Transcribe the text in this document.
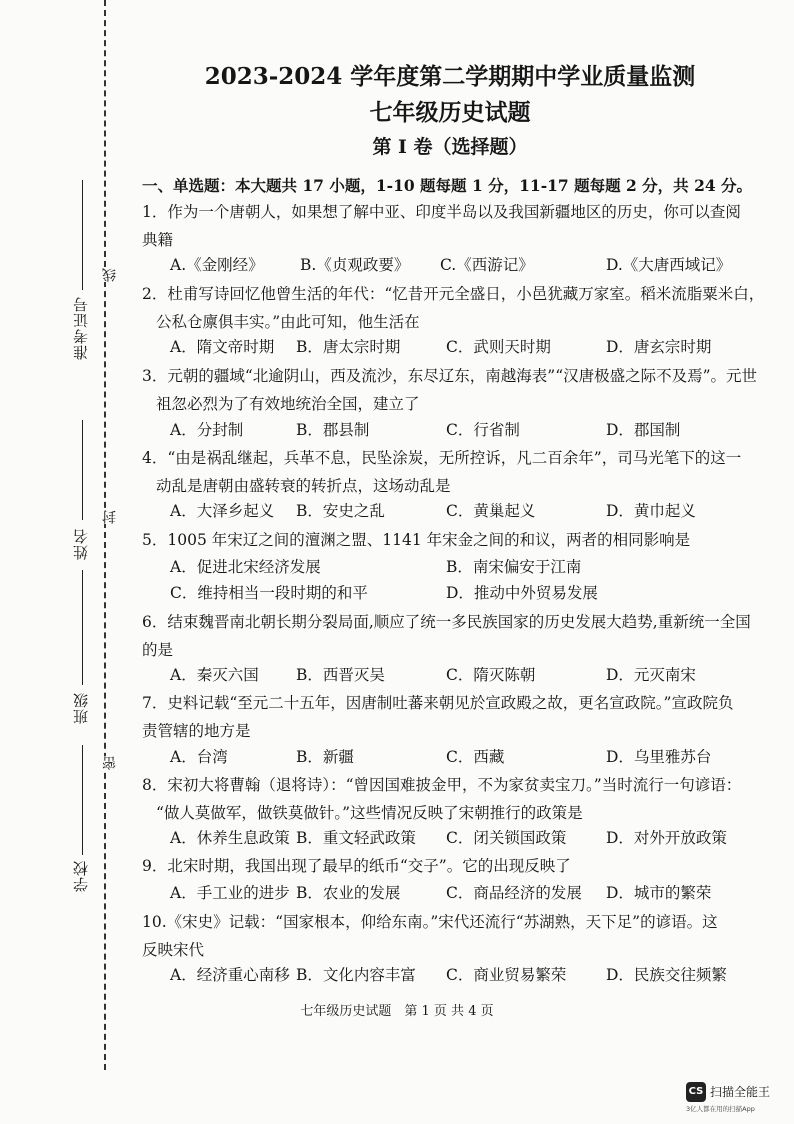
准考证号
姓名
班级
学校
线
封
密
2023-2024 学年度第二学期期中学业质量监测
七年级历史试题
第 I 卷（选择题）
一、单选题：本大题共 17 小题，1-10 题每题 1 分，11-17 题每题 2 分，共 24 分。
1．作为一个唐朝人，如果想了解中亚、印度半岛以及我国新疆地区的历史，你可以查阅
典籍
A.《金刚经》 B.《贞观政要》 C.《西游记》	D.《大唐西域记》
2．杜甫写诗回忆他曾生活的年代：“忆昔开元全盛日，小邑犹藏万家室。稻米流脂粟米白，
公私仓廪俱丰实。”由此可知，他生活在
A．隋文帝时期 B．唐太宗时期	C．武则天时期	D．唐玄宗时期
3．元朝的疆域“北逾阴山，西及流沙，东尽辽东，南越海表”“汉唐极盛之际不及焉”。元世
祖忽必烈为了有效地统治全国，建立了
A．分封制	B．郡县制	C．行省制	D．郡国制
4．“由是祸乱继起，兵革不息，民坠涂炭，无所控诉，凡二百余年”，司马光笔下的这一
动乱是唐朝由盛转衰的转折点，这场动乱是
A．大泽乡起义 B．安史之乱	C．黄巢起义	D．黄巾起义
5．1005 年宋辽之间的澶渊之盟、1141 年宋金之间的和议，两者的相同影响是
A．促进北宋经济发展	B．南宋偏安于江南
C．维持相当一段时期的和平	D．推动中外贸易发展
6．结束魏晋南北朝长期分裂局面,顺应了统一多民族国家的历史发展大趋势,重新统一全国
的是
A．秦灭六国 B．西晋灭吴	C．隋灭陈朝	D．元灭南宋
7．史料记载“至元二十五年，因唐制吐蕃来朝见於宣政殿之故，更名宣政院。”宣政院负
责管辖的地方是
A．台湾	B．新疆	C．西藏	D．乌里雅苏台
8．宋初大将曹翰（退将诗）：“曾因国难披金甲，不为家贫卖宝刀。”当时流行一句谚语：
“做人莫做军，做铁莫做针。”这些情况反映了宋朝推行的政策是
A．休养生息政策 B．重文轻武政策 C．闭关锁国政策	D．对外开放政策
9．北宋时期，我国出现了最早的纸币“交子”。它的出现反映了
A．手工业的进步 B．农业的发展	C．商品经济的发展 D．城市的繁荣
10.《宋史》记载：“国家根本，仰给东南。”宋代还流行“苏湖熟，天下足”的谚语。这
反映宋代
A．经济重心南移 B．文化内容丰富 C．商业贸易繁荣	D．民族交往频繁
七年级历史试题　第 1 页 共 4 页
CS 扫描全能王
3亿人都在用的扫描App
